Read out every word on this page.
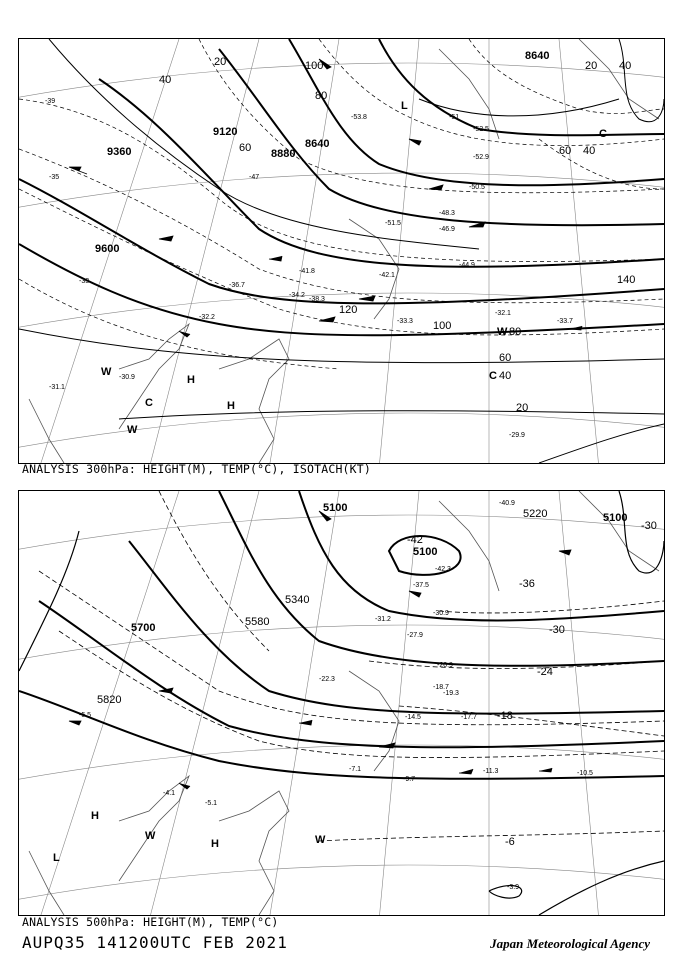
9600
9360
9120
8880
8640
8640
20
40
60
80
100
120
140
100	80
60
40
20
60 40
20 40
-33
-35
-39
-47
-51
-53.8
-51.5
-46.9
-44.9
-42.1
-38.3
-33.3
-32.1
-33.7
-29.9
-30.9
-31.1
-32.2
-34.2
-36.7
-41.8
-48.3
-50.5
-52.5
-52.9
W
H
H
W
C
L
C
C
W
ANALYSIS 300hPa: HEIGHT(M), TEMP(°C), ISOTACH(KT)
5100
5100
5220	5100
5340
5580
5700
5820
-42
-36
-30
-24
-18
-6
-30
-40.9
-42.3
-37.5
-30.9
-27.9
-20.9
-18.7
-17.7
-14.5
-10.5
-11.3
-9.7
-5.1
-3.9
-4.1
-5.5
-7.1
-19.3
-22.3
-31.2
H
H
W	W
L
ANALYSIS 500hPa: HEIGHT(M), TEMP(°C)
AUPQ35 141200UTC FEB 2021	Japan Meteorological Agency
